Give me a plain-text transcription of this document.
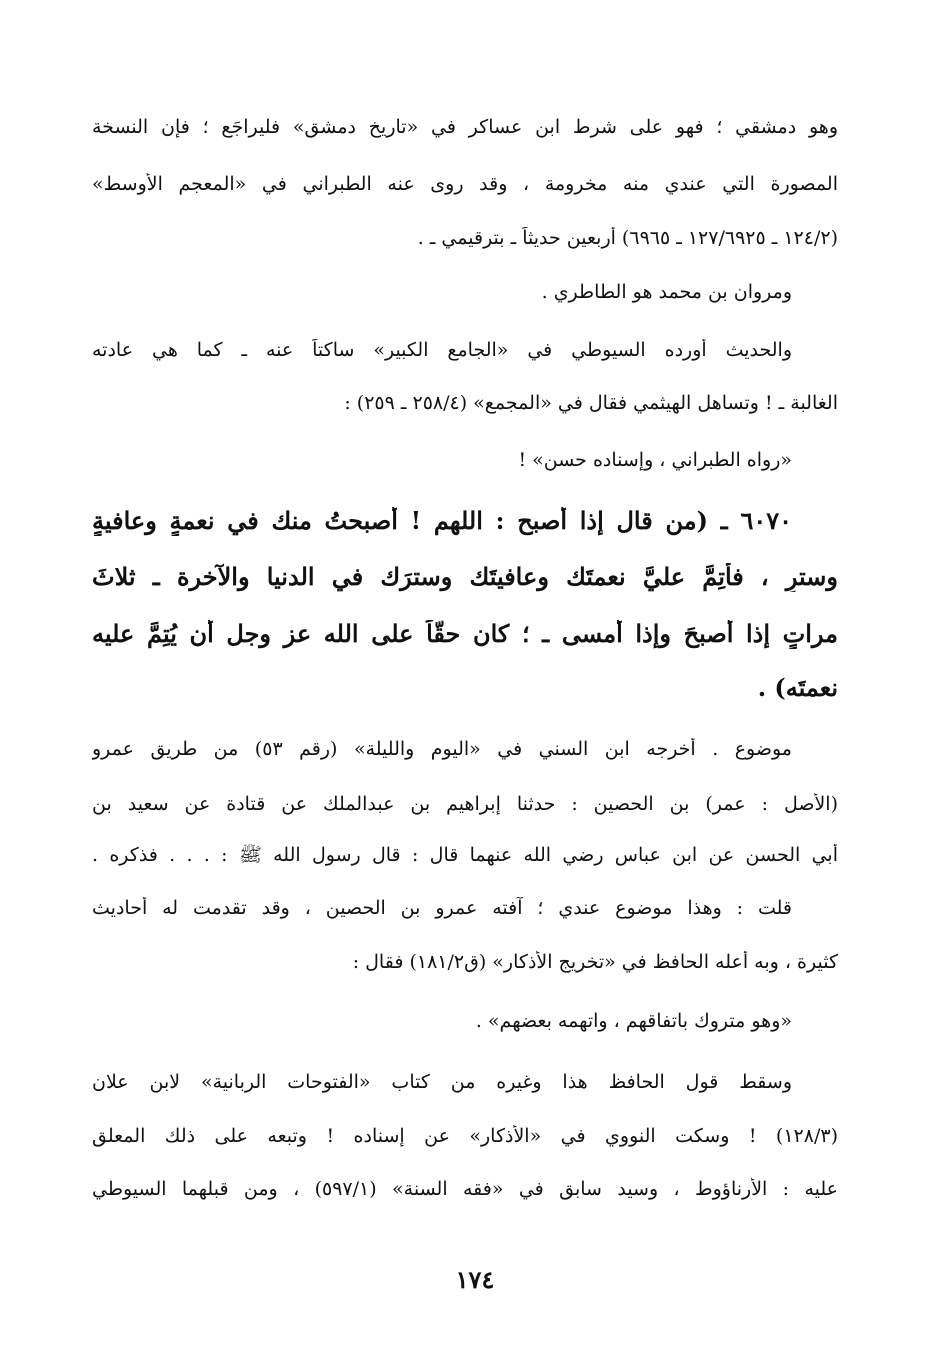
وهو دمشقي ؛ فهو على شرط ابن عساكر في «تاريخ دمشق» فليراجَع ؛ فإن النسخة
المصورة التي عندي منه مخرومة ، وقد روى عنه الطبراني في «المعجم الأوسط»
(١٢٤/٢ ـ ١٢٧/٦٩٢٥ ـ ٦٩٦٥) أربعين حديثاً ـ بترقيمي ـ .
ومروان بن محمد هو الطاطري .
والحديث أورده السيوطي في «الجامع الكبير» ساكتاً عنه ـ كما هي عادته
الغالبة ـ ! وتساهل الهيثمي فقال في «المجمع» (٢٥٨/٤ ـ ٢٥٩) :
«رواه الطبراني ، وإسناده حسن» !
٦٠٧٠ ـ (من قال إذا أصبح : اللهم ! أصبحتُ منك في نعمةٍ وعافيةٍ
وسترٍ ، فأتِمَّ عليَّ نعمتَك وعافيتَك وسترَك في الدنيا والآخرة ـ ثلاثَ
مراتٍ إذا أصبحَ وإذا أمسى ـ ؛ كان حقّاً على الله عز وجل أن يُتِمَّ عليه
نعمتَه) .
موضوع . أخرجه ابن السني في «اليوم والليلة» (رقم ٥٣) من طريق عمرو
(الأصل : عمر) بن الحصين : حدثنا إبراهيم بن عبدالملك عن قتادة عن سعيد بن
أبي الحسن عن ابن عباس رضي الله عنهما قال : قال رسول الله ﷺ : . . . فذكره .
قلت : وهذا موضوع عندي ؛ آفته عمرو بن الحصين ، وقد تقدمت له أحاديث
كثيرة ، وبه أعله الحافظ في «تخريج الأذكار» (ق١٨١/٢) فقال :
«وهو متروك باتفاقهم ، واتهمه بعضهم» .
وسقط قول الحافظ هذا وغيره من كتاب «الفتوحات الربانية» لابن علان
(١٢٨/٣) ! وسكت النووي في «الأذكار» عن إسناده ! وتبعه على ذلك المعلق
عليه : الأرناؤوط ، وسيد سابق في «فقه السنة» (٥٩٧/١) ، ومن قبلهما السيوطي
١٧٤
